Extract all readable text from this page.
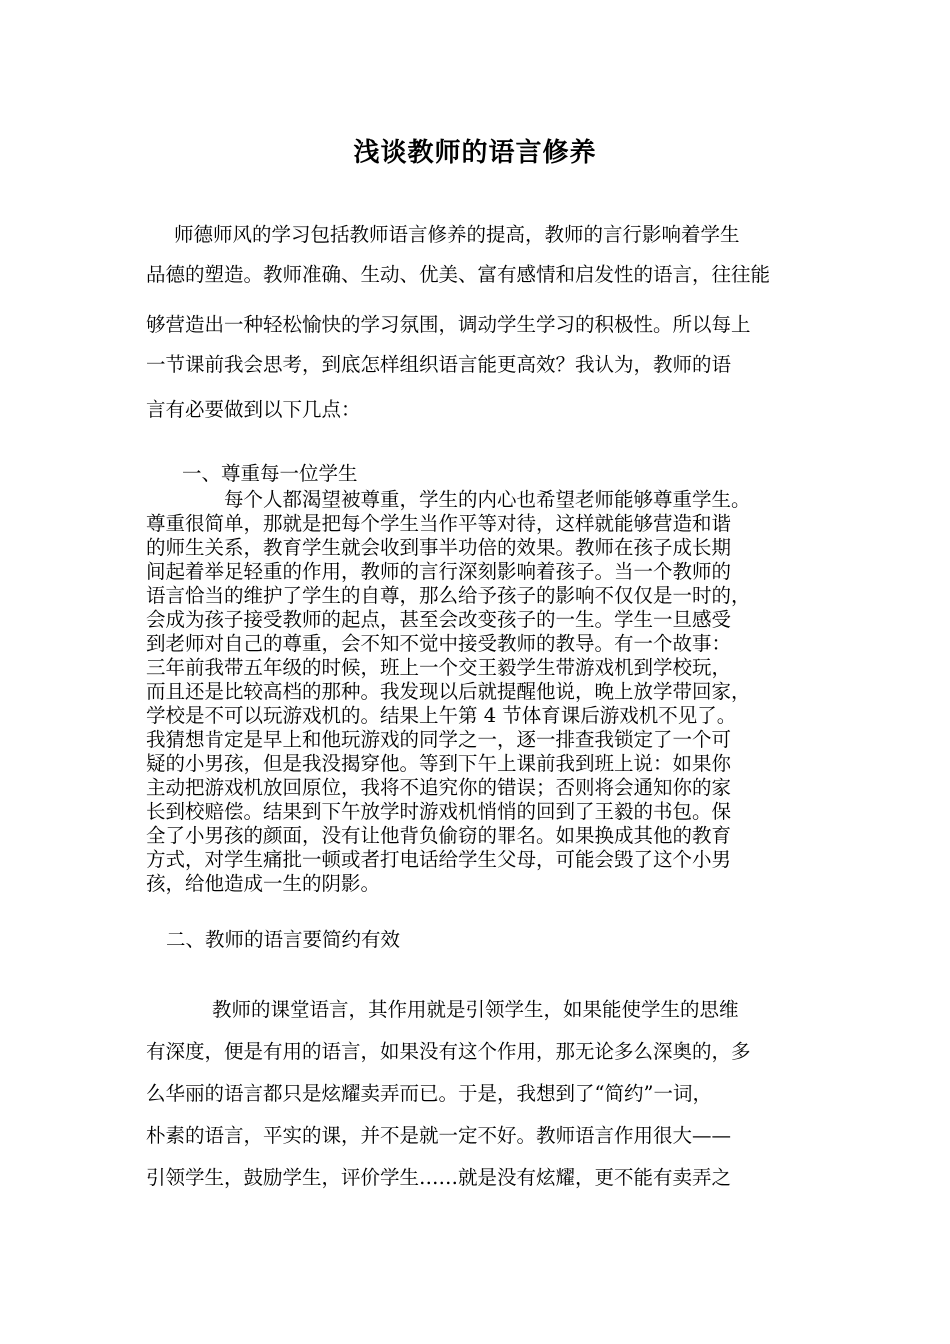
浅谈教师的语言修养

师德师风的学习包括教师语言修养的提高，教师的言行影响着学生

品德的塑造。教师准确、生动、优美、富有感情和启发性的语言，往往能

够营造出一种轻松愉快的学习氛围，调动学生学习的积极性。所以每上

一节课前我会思考，到底怎样组织语言能更高效？我认为，教师的语

言有必要做到以下几点：

一、尊重每一位学生

每个人都渴望被尊重，学生的内心也希望老师能够尊重学生。

尊重很简单，那就是把每个学生当作平等对待，这样就能够营造和谐

的师生关系，教育学生就会收到事半功倍的效果。教师在孩子成长期

间起着举足轻重的作用，教师的言行深刻影响着孩子。当一个教师的

语言恰当的维护了学生的自尊，那么给予孩子的影响不仅仅是一时的，

会成为孩子接受教师的起点，甚至会改变孩子的一生。学生一旦感受

到老师对自己的尊重，会不知不觉中接受教师的教导。有一个故事：

三年前我带五年级的时候，班上一个交王毅学生带游戏机到学校玩，

而且还是比较高档的那种。我发现以后就提醒他说，晚上放学带回家，

学校是不可以玩游戏机的。结果上午第 4 节体育课后游戏机不见了。

我猜想肯定是早上和他玩游戏的同学之一，逐一排查我锁定了一个可

疑的小男孩，但是我没揭穿他。等到下午上课前我到班上说：如果你

主动把游戏机放回原位，我将不追究你的错误；否则将会通知你的家

长到校赔偿。结果到下午放学时游戏机悄悄的回到了王毅的书包。保

全了小男孩的颜面，没有让他背负偷窃的罪名。如果换成其他的教育

方式，对学生痛批一顿或者打电话给学生父母，可能会毁了这个小男

孩，给他造成一生的阴影。

二、教师的语言要简约有效

教师的课堂语言，其作用就是引领学生，如果能使学生的思维

有深度，便是有用的语言，如果没有这个作用，那无论多么深奥的，多

么华丽的语言都只是炫耀卖弄而已。于是，我想到了“简约”一词，

朴素的语言，平实的课，并不是就一定不好。教师语言作用很大——

引领学生，鼓励学生，评价学生……就是没有炫耀，更不能有卖弄之
